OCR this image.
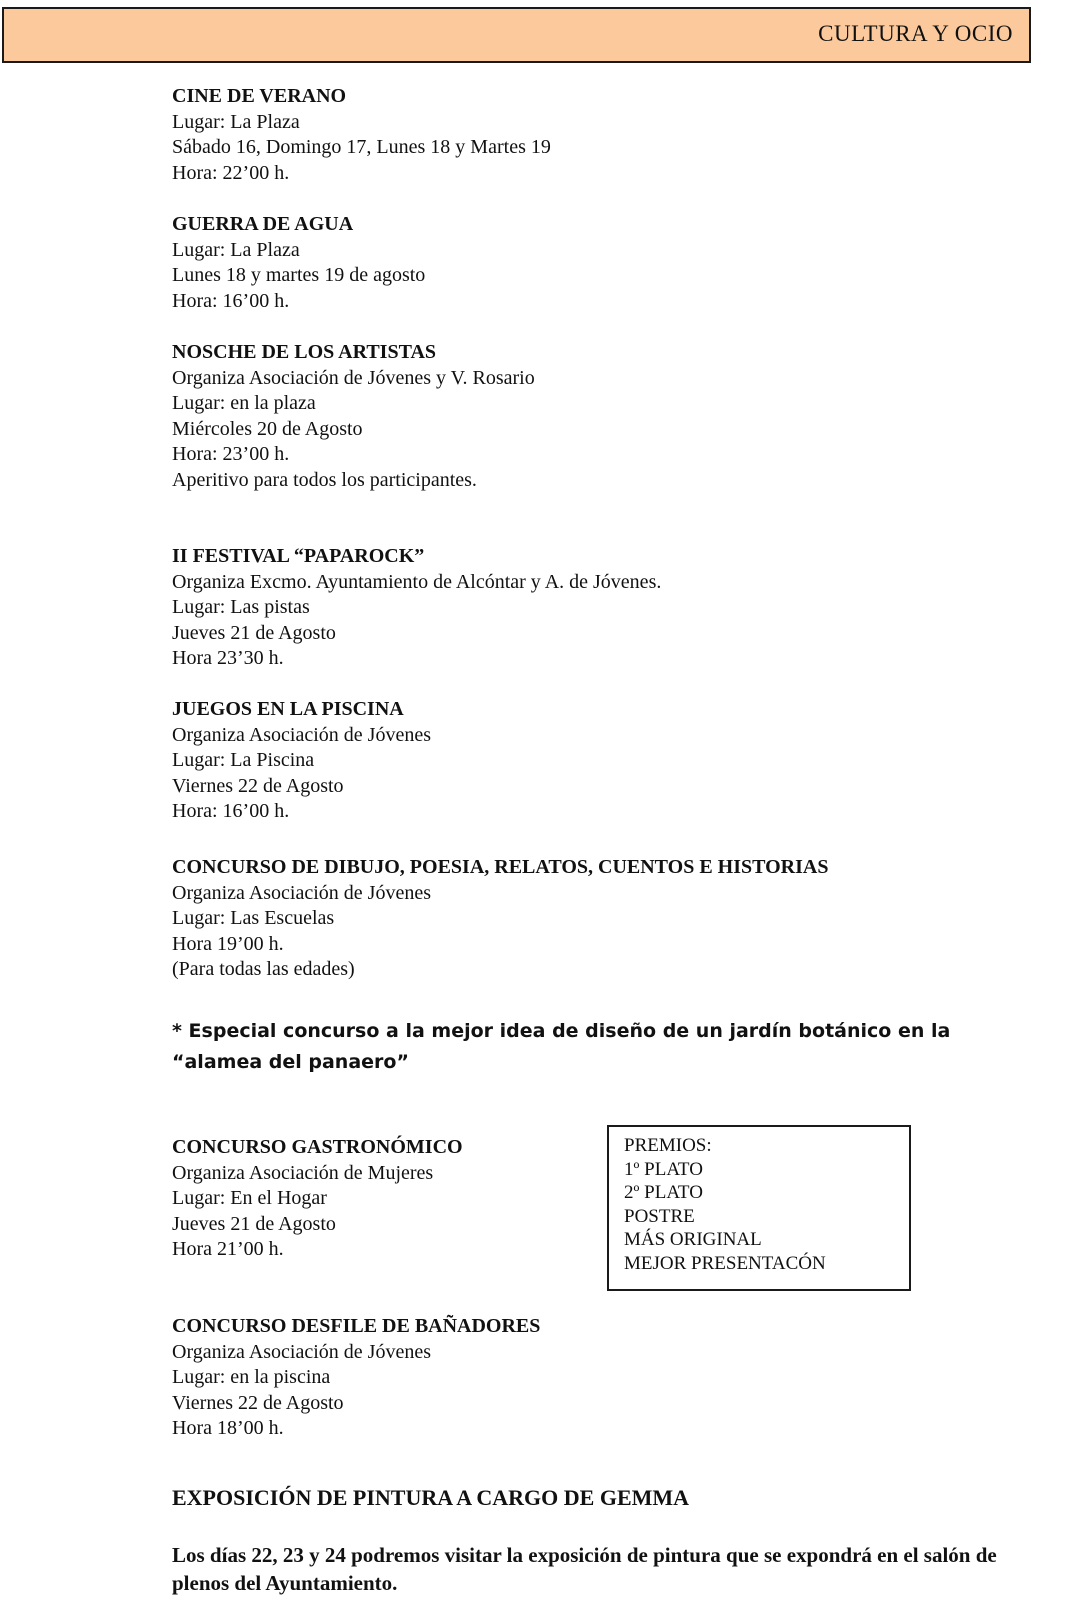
CULTURA Y OCIO
CINE DE VERANO
Lugar: La Plaza
Sábado 16, Domingo 17, Lunes 18 y Martes 19
Hora: 22’00 h.
GUERRA DE AGUA
Lugar: La Plaza
Lunes 18 y martes 19 de agosto
Hora: 16’00 h.
NOSCHE DE LOS ARTISTAS
Organiza Asociación de Jóvenes y V. Rosario
Lugar: en la plaza
Miércoles 20 de Agosto
Hora: 23’00 h.
Aperitivo para todos los participantes.
II FESTIVAL “PAPAROCK”
Organiza Excmo. Ayuntamiento de Alcóntar y A. de Jóvenes.
Lugar: Las pistas
Jueves 21 de Agosto
Hora 23’30 h.
JUEGOS EN LA PISCINA
Organiza Asociación de Jóvenes
Lugar: La Piscina
Viernes 22 de Agosto
Hora: 16’00 h.
CONCURSO DE DIBUJO, POESIA, RELATOS, CUENTOS E HISTORIAS
Organiza Asociación de Jóvenes
Lugar: Las Escuelas
Hora 19’00 h.
(Para todas las edades)
* Especial concurso a la mejor idea de diseño de un jardín botánico en la “alamea del panaero”
CONCURSO GASTRONÓMICO
Organiza Asociación de Mujeres
Lugar: En el Hogar
Jueves 21 de Agosto
Hora 21’00 h.
PREMIOS:
1º PLATO
2º PLATO
POSTRE
MÁS ORIGINAL
MEJOR PRESENTACÓN
CONCURSO DESFILE DE BAÑADORES
Organiza Asociación de Jóvenes
Lugar: en la piscina
Viernes 22 de Agosto
Hora 18’00 h.
EXPOSICIÓN DE PINTURA A CARGO DE GEMMA
Los días 22, 23 y 24 podremos visitar la exposición de pintura que se expondrá en el salón de plenos del Ayuntamiento.
